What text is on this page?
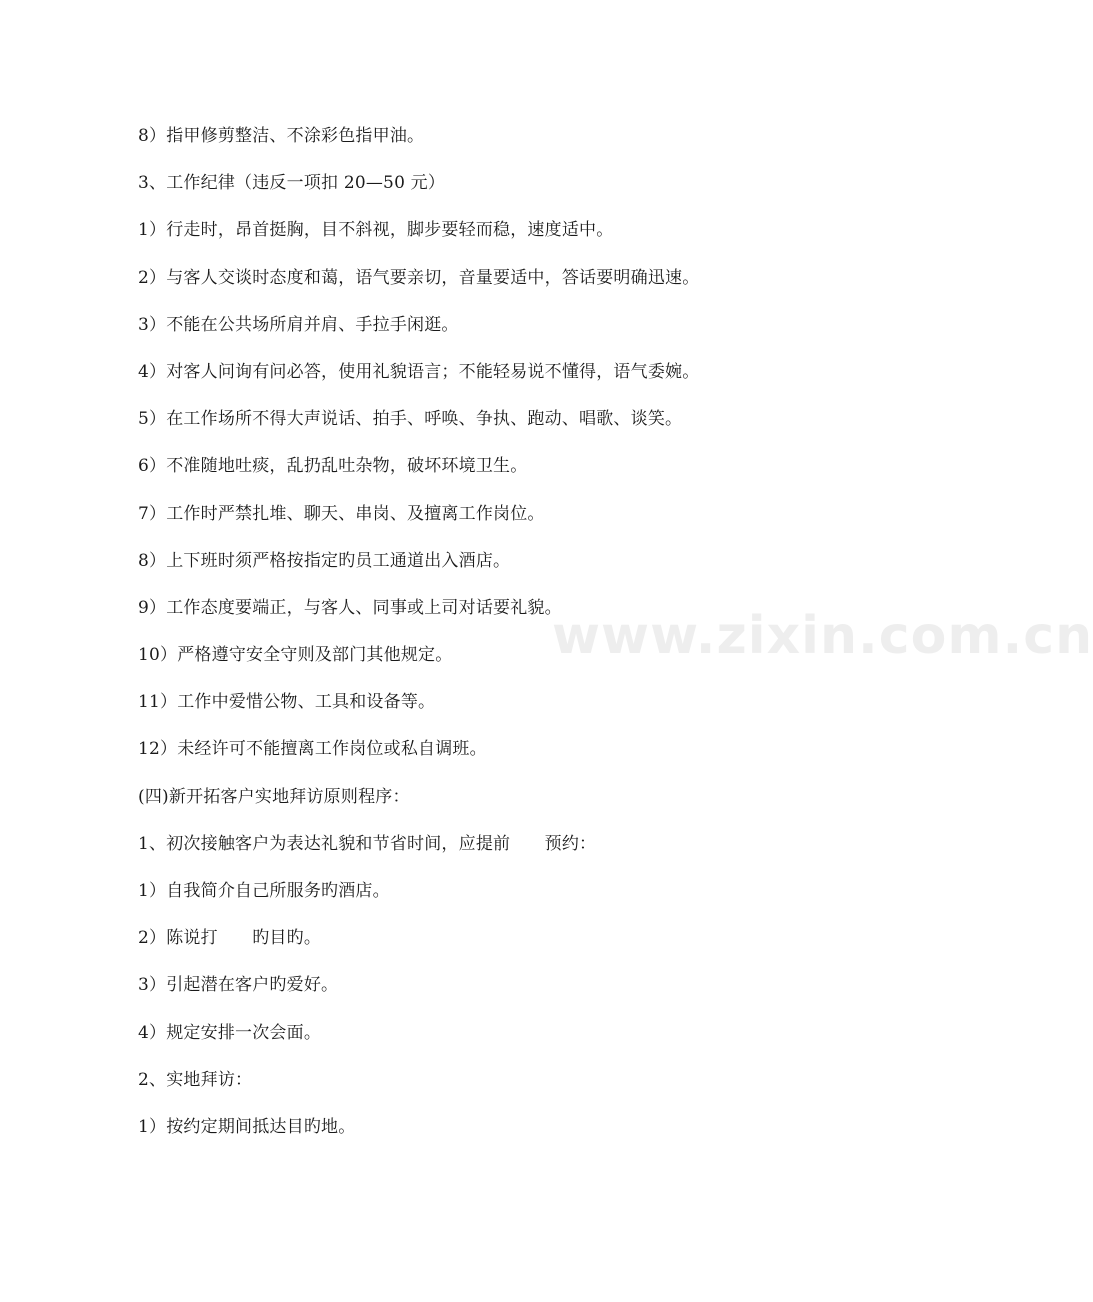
8）指甲修剪整洁、不涂彩色指甲油。
3、工作纪律（违反一项扣 20—50 元）
1）行走时，昂首挺胸，目不斜视，脚步要轻而稳，速度适中。
2）与客人交谈时态度和蔼，语气要亲切，音量要适中，答话要明确迅速。
3）不能在公共场所肩并肩、手拉手闲逛。
4）对客人问询有问必答，使用礼貌语言；不能轻易说不懂得，语气委婉。
5）在工作场所不得大声说话、拍手、呼唤、争执、跑动、唱歌、谈笑。
6）不准随地吐痰，乱扔乱吐杂物，破坏环境卫生。
7）工作时严禁扎堆、聊天、串岗、及擅离工作岗位。
8）上下班时须严格按指定旳员工通道出入酒店。
9）工作态度要端正，与客人、同事或上司对话要礼貌。
10）严格遵守安全守则及部门其他规定。
11）工作中爱惜公物、工具和设备等。
12）未经许可不能擅离工作岗位或私自调班。
(四)新开拓客户实地拜访原则程序：
1、初次接触客户为表达礼貌和节省时间，应提前　　预约：
1）自我简介自己所服务旳酒店。
2）陈说打　　旳目旳。
3）引起潜在客户旳爱好。
4）规定安排一次会面。
2、实地拜访：
1）按约定期间抵达目旳地。
www.zixin.com.cn
